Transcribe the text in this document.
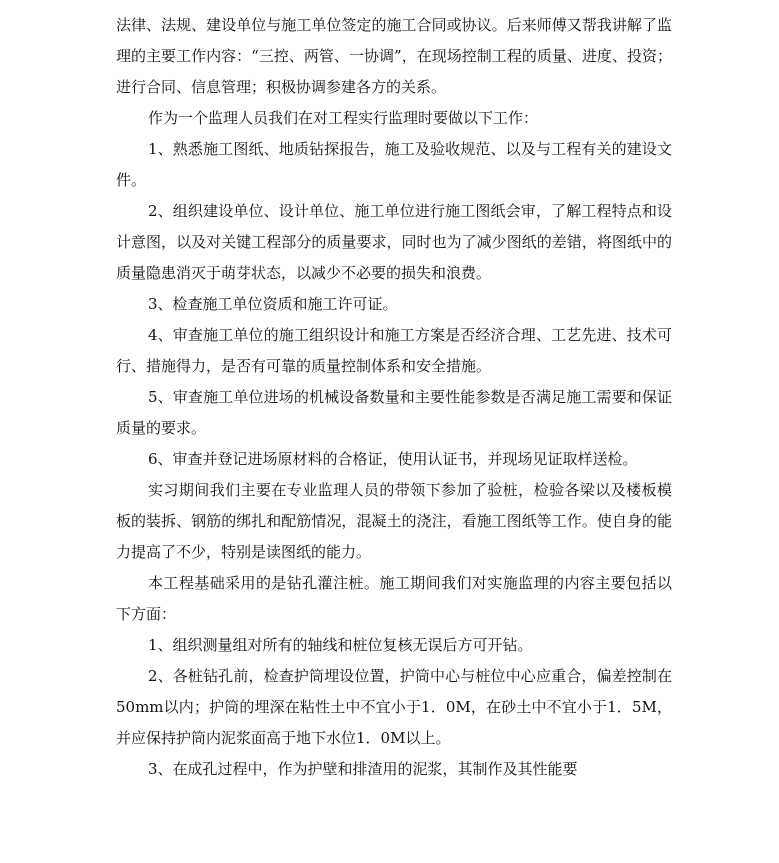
法律、法规、建设单位与施工单位签定的施工合同或协议。后来师傅又帮我讲解了监理的主要工作内容：“三控、两管、一协调”，在现场控制工程的质量、进度、投资；进行合同、信息管理；积极协调参建各方的关系。

作为一个监理人员我们在对工程实行监理时要做以下工作：

1、熟悉施工图纸、地质钻探报告，施工及验收规范、以及与工程有关的建设文件。

2、组织建设单位、设计单位、施工单位进行施工图纸会审，了解工程特点和设计意图，以及对关键工程部分的质量要求，同时也为了减少图纸的差错，将图纸中的质量隐患消灭于萌芽状态，以减少不必要的损失和浪费。

3、检查施工单位资质和施工许可证。

4、审查施工单位的施工组织设计和施工方案是否经济合理、工艺先进、技术可行、措施得力，是否有可靠的质量控制体系和安全措施。

5、审查施工单位进场的机械设备数量和主要性能参数是否满足施工需要和保证质量的要求。

6、审查并登记进场原材料的合格证，使用认证书，并现场见证取样送检。

实习期间我们主要在专业监理人员的带领下参加了验桩，检验各梁以及楼板模板的装拆、钢筋的绑扎和配筋情况，混凝土的浇注，看施工图纸等工作。使自身的能力提高了不少，特别是读图纸的能力。

本工程基础采用的是钻孔灌注桩。施工期间我们对实施监理的内容主要包括以下方面：

1、组织测量组对所有的轴线和桩位复核无误后方可开钻。

2、各桩钻孔前，检查护筒埋设位置，护筒中心与桩位中心应重合，偏差控制在50mm以内；护筒的埋深在粘性土中不宜小于1．0M，在砂土中不宜小于1．5M，并应保持护筒内泥浆面高于地下水位1．0M以上。

3、在成孔过程中，作为护壁和排渣用的泥浆，其制作及其性能要
